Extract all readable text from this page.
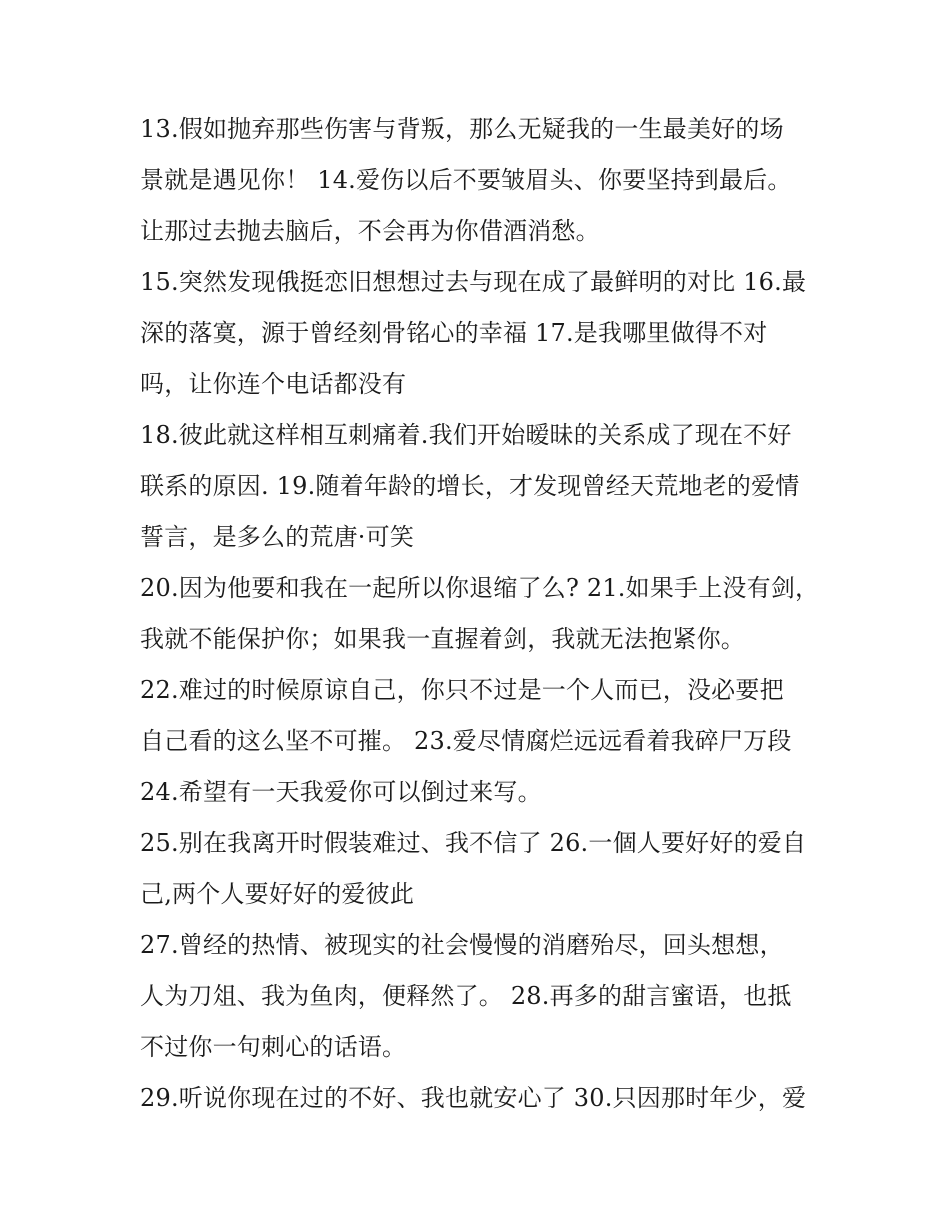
13.假如抛弃那些伤害与背叛，那么无疑我的一生最美好的场
景就是遇见你！ 14.爱伤以后不要皱眉头、你要坚持到最后。
让那过去抛去脑后，不会再为你借酒消愁。
15.突然发现俄挺恋旧想想过去与现在成了最鲜明的对比 16.最
深的落寞，源于曾经刻骨铭心的幸福 17.是我哪里做得不对
吗，让你连个电话都没有
18.彼此就这样相互刺痛着.我们开始暧昧的关系成了现在不好
联系的原因. 19.随着年龄的增长，才发现曾经天荒地老的爱情
誓言，是多么的荒唐·可笑
20.因为他要和我在一起所以你退缩了么? 21.如果手上没有剑，
我就不能保护你；如果我一直握着剑，我就无法抱紧你。
22.难过的时候原谅自己，你只不过是一个人而已，没必要把
自己看的这么坚不可摧。 23.爱尽情腐烂远远看着我碎尸万段
24.希望有一天我爱你可以倒过来写。
25.别在我离开时假装难过、我不信了 26.一個人要好好的爱自
己,两个人要好好的爱彼此
27.曾经的热情、被现实的社会慢慢的消磨殆尽，回头想想，
人为刀俎、我为鱼肉，便释然了。 28.再多的甜言蜜语，也抵
不过你一句刺心的话语。
29.听说你现在过的不好、我也就安心了 30.只因那时年少，爱
